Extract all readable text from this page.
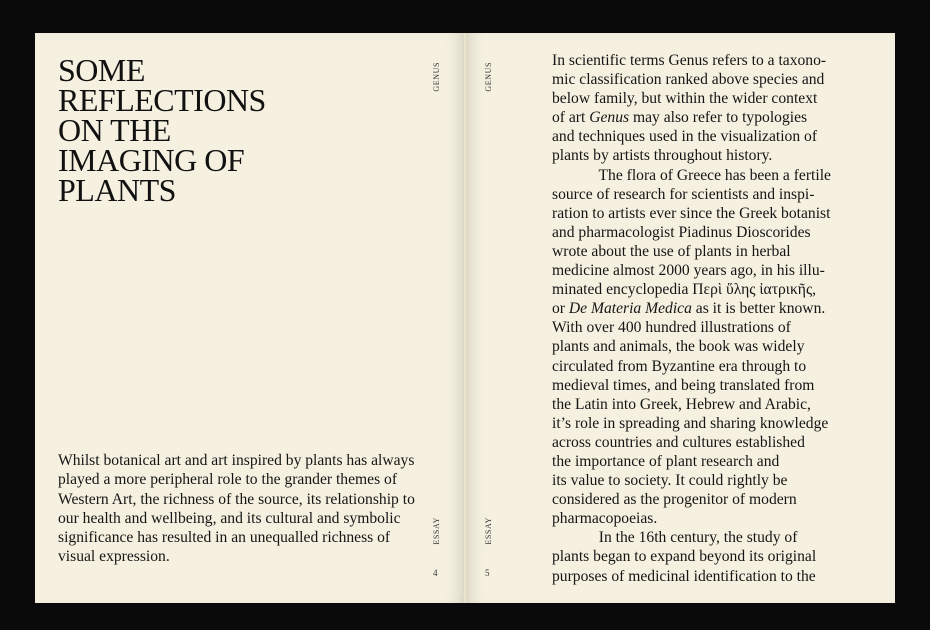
SOME
REFLECTIONS
ON THE
IMAGING OF
PLANTS

Whilst botanical art and art inspired by plants has always played a more peripheral role to the grander themes of Western Art, the richness of the source, its relationship to our health and wellbeing, and its cultural and symbolic significance has resulted in an unequalled richness of visual expression.

GENUS
ESSAY
4
GENUS
ESSAY
5
In scientific terms Genus refers to a taxono-
mic classification ranked above species and
below family, but within the wider context
of art Genus may also refer to typologies
and techniques used in the visualization of
plants by artists throughout history.
The flora of Greece has been a fertile
source of research for scientists and inspi-
ration to artists ever since the Greek botanist
and pharmacologist Piadinus Dioscorides
wrote about the use of plants in herbal
medicine almost 2000 years ago, in his illu-
minated encyclopedia Περὶ ὕλης ἰατρικῆς,
or De Materia Medica as it is better known.
With over 400 hundred illustrations of
plants and animals, the book was widely
circulated from Byzantine era through to
medieval times, and being translated from
the Latin into Greek, Hebrew and Arabic,
it’s role in spreading and sharing knowledge
across countries and cultures established
the importance of plant research and
its value to society. It could rightly be
considered as the progenitor of modern
pharmacopoeias.
In the 16th century, the study of
plants began to expand beyond its original
purposes of medicinal identification to the
